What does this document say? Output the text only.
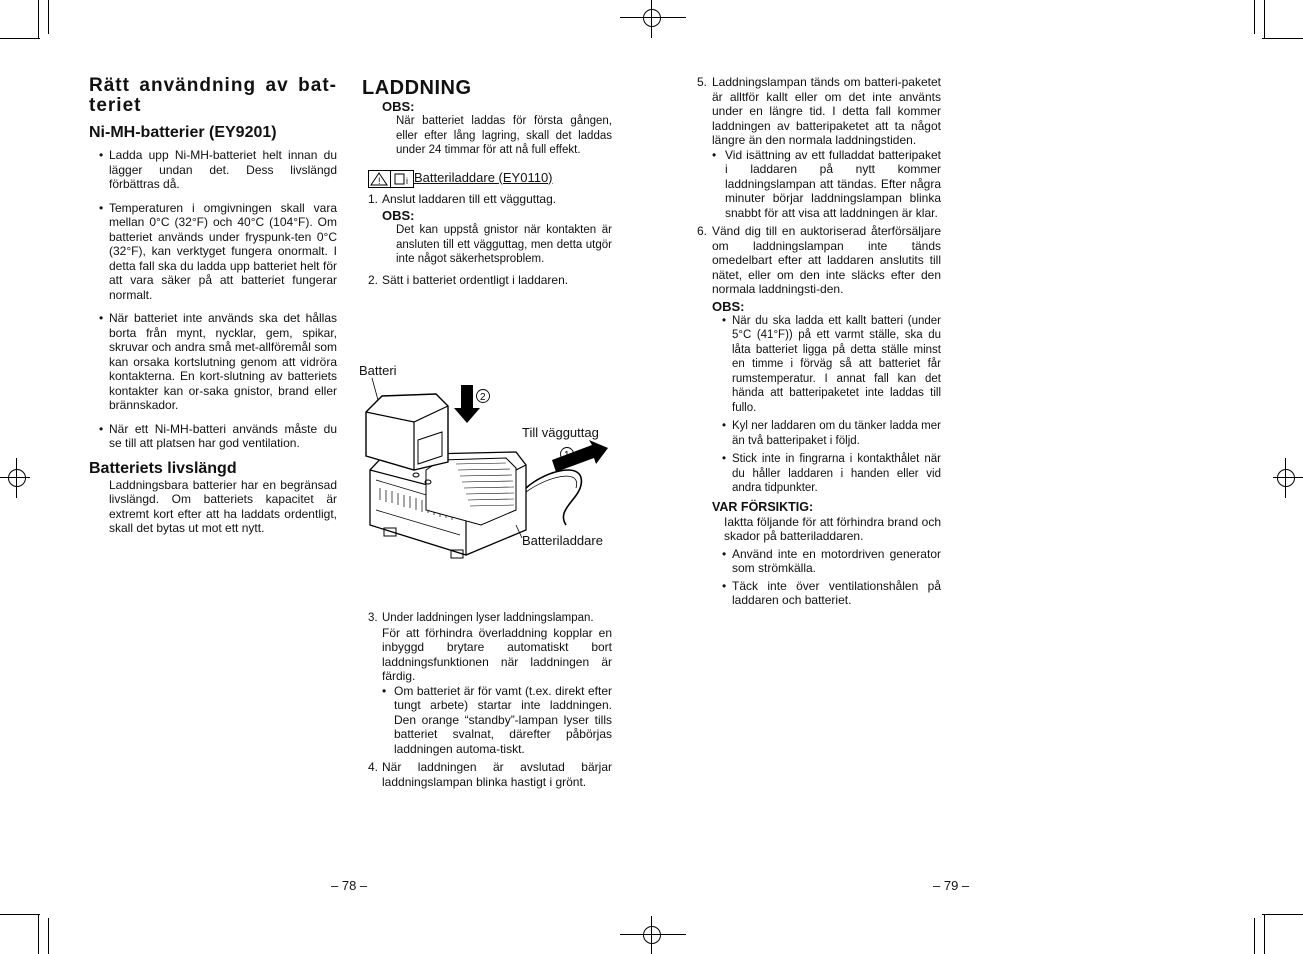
Rätt användning av bat-teriet
Ni-MH-batterier (EY9201)
• Ladda upp Ni-MH-batteriet helt innan du lägger undan det. Dess livslängd förbättras då.
• Temperaturen i omgivningen skall vara mellan 0°C (32°F) och 40°C (104°F). Om batteriet används under fryspunk-ten 0°C (32°F), kan verktyget fungera onormalt. I detta fall ska du ladda upp batteriet helt för att vara säker på att batteriet fungerar normalt.
• När batteriet inte används ska det hållas borta från mynt, nycklar, gem, spikar, skruvar och andra små met-allföremål som kan orsaka kortslutning genom att vidröra kontakterna. En kort-slutning av batteriets kontakter kan or-saka gnistor, brand eller brännskador.
• När ett Ni-MH-batteri används måste du se till att platsen har god ventilation.
Batteriets livslängd
Laddningsbara batterier har en begränsad livslängd. Om batteriets kapacitet är extremt kort efter att ha laddats ordentligt, skall det bytas ut mot ett nytt.
LADDNING
OBS:
När batteriet laddas för första gången, eller efter lång lagring, skall det laddas under 24 timmar för att nå full effekt.
!	i Batteriladdare (EY0110)
1. Anslut laddaren till ett vägguttag.
OBS:
Det kan uppstå gnistor när kontakten är ansluten till ett vägguttag, men detta utgör inte något säkerhetsproblem.
2. Sätt i batteriet ordentligt i laddaren.
2
1
Batteri
Till vägguttag
Batteriladdare
3. Under laddningen lyser laddningslampan.
För att förhindra överladdning kopplar en inbyggd brytare automatiskt bort laddningsfunktionen när laddningen är färdig.
• Om batteriet är för vamt (t.ex. direkt efter tungt arbete) startar inte laddningen. Den orange “standby”-lampan lyser tills batteriet svalnat, därefter påbörjas laddningen automa-tiskt.
4. När laddningen är avslutad bärjar laddningslampan blinka hastigt i grönt.
5. Laddningslampan tänds om batteri-paketet är alltför kallt eller om det inte använts under en längre tid. I detta fall kommer laddningen av batteripaketet att ta något längre än den normala laddningstiden.
• Vid isättning av ett fulladdat batteripaket i laddaren på nytt kommer laddningslampan att tändas. Efter några minuter börjar laddningslampan blinka snabbt för att visa att laddningen är klar.
6. Vänd dig till en auktoriserad återförsäljare om laddningslampan inte tänds omedelbart efter att laddaren anslutits till nätet, eller om den inte släcks efter den normala laddningsti-den.
OBS:
• När du ska ladda ett kallt batteri (under 5°C (41°F)) på ett varmt ställe, ska du låta batteriet ligga på detta ställe minst en timme i förväg så att batteriet får rumstemperatur. I annat fall kan det hända att batteripaketet inte laddas till fullo.
• Kyl ner laddaren om du tänker ladda mer än två batteripaket i följd.
• Stick inte in fingrarna i kontakthålet när du håller laddaren i handen eller vid andra tidpunkter.
VAR FÖRSIKTIG:
Iaktta följande för att förhindra brand och skador på batteriladdaren.
• Använd inte en motordriven generator som strömkälla.
• Täck inte över ventilationshålen på laddaren och batteriet.
– 78 –	– 79 –
